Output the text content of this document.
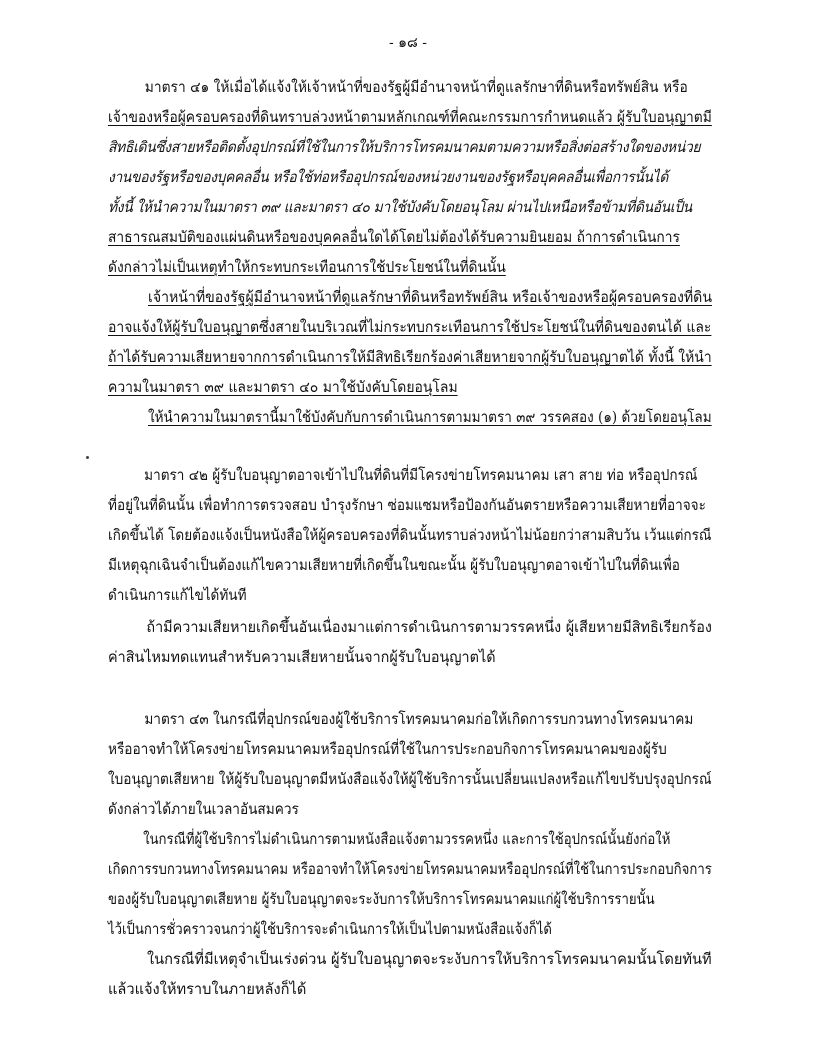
- ๑๘ -
มาตรา ๔๑ ให้เมื่อได้แจ้งให้เจ้าหน้าที่ของรัฐผู้มีอำนาจหน้าที่ดูแลรักษาที่ดินหรือทรัพย์สิน หรือ
เจ้าของหรือผู้ครอบครองที่ดินทราบล่วงหน้าตามหลักเกณฑ์ที่คณะกรรมการกำหนดแล้ว ผู้รับใบอนุญาตมี
สิทธิเดินซึ่งสายหรือติดตั้งอุปกรณ์ที่ใช้ในการให้บริการโทรคมนาคมตามความหรือสิ่งต่อสร้างใดของหน่วย
งานของรัฐหรือของบุคคลอื่น หรือใช้ท่อหรืออุปกรณ์ของหน่วยงานของรัฐหรือบุคคลอื่นเพื่อการนั้นได้
ทั้งนี้ ให้นำความในมาตรา ๓๙ และมาตรา ๔๐ มาใช้บังคับโดยอนุโลม ผ่านไปเหนือหรือข้ามที่ดินอันเป็น
สาธารณสมบัติของแผ่นดินหรือของบุคคลอื่นใดได้โดยไม่ต้องได้รับความยินยอม ถ้าการดำเนินการ
ดังกล่าวไม่เป็นเหตุทำให้กระทบกระเทือนการใช้ประโยชน์ในที่ดินนั้น
เจ้าหน้าที่ของรัฐผู้มีอำนาจหน้าที่ดูแลรักษาที่ดินหรือทรัพย์สิน หรือเจ้าของหรือผู้ครอบครองที่ดิน
อาจแจ้งให้ผู้รับใบอนุญาตซึ่งสายในบริเวณที่ไม่กระทบกระเทือนการใช้ประโยชน์ในที่ดินของตนได้ และ
ถ้าได้รับความเสียหายจากการดำเนินการให้มีสิทธิเรียกร้องค่าเสียหายจากผู้รับใบอนุญาตได้ ทั้งนี้ ให้นำ
ความในมาตรา ๓๙ และมาตรา ๔๐ มาใช้บังคับโดยอนุโลม
ให้นำความในมาตรานี้มาใช้บังคับกับการดำเนินการตามมาตรา ๓๙ วรรคสอง (๑) ด้วยโดยอนุโลม
มาตรา ๔๒ ผู้รับใบอนุญาตอาจเข้าไปในที่ดินที่มีโครงข่ายโทรคมนาคม เสา สาย ท่อ หรืออุปกรณ์
ที่อยู่ในที่ดินนั้น เพื่อทำการตรวจสอบ บำรุงรักษา ซ่อมแซมหรือป้องกันอันตรายหรือความเสียหายที่อาจจะ
เกิดขึ้นได้ โดยต้องแจ้งเป็นหนังสือให้ผู้ครอบครองที่ดินนั้นทราบล่วงหน้าไม่น้อยกว่าสามสิบวัน เว้นแต่กรณี
มีเหตุฉุกเฉินจำเป็นต้องแก้ไขความเสียหายที่เกิดขึ้นในขณะนั้น ผู้รับใบอนุญาตอาจเข้าไปในที่ดินเพื่อ
ดำเนินการแก้ไขได้ทันที
ถ้ามีความเสียหายเกิดขึ้นอันเนื่องมาแต่การดำเนินการตามวรรคหนึ่ง ผู้เสียหายมีสิทธิเรียกร้อง
ค่าสินไหมทดแทนสำหรับความเสียหายนั้นจากผู้รับใบอนุญาตได้
มาตรา ๔๓ ในกรณีที่อุปกรณ์ของผู้ใช้บริการโทรคมนาคมก่อให้เกิดการรบกวนทางโทรคมนาคม
หรืออาจทำให้โครงข่ายโทรคมนาคมหรืออุปกรณ์ที่ใช้ในการประกอบกิจการโทรคมนาคมของผู้รับ
ใบอนุญาตเสียหาย ให้ผู้รับใบอนุญาตมีหนังสือแจ้งให้ผู้ใช้บริการนั้นเปลี่ยนแปลงหรือแก้ไขปรับปรุงอุปกรณ์
ดังกล่าวได้ภายในเวลาอันสมควร
ในกรณีที่ผู้ใช้บริการไม่ดำเนินการตามหนังสือแจ้งตามวรรคหนึ่ง และการใช้อุปกรณ์นั้นยังก่อให้
เกิดการรบกวนทางโทรคมนาคม หรืออาจทำให้โครงข่ายโทรคมนาคมหรืออุปกรณ์ที่ใช้ในการประกอบกิจการ
ของผู้รับใบอนุญาตเสียหาย ผู้รับใบอนุญาตจะระงับการให้บริการโทรคมนาคมแก่ผู้ใช้บริการรายนั้น
ไว้เป็นการชั่วคราวจนกว่าผู้ใช้บริการจะดำเนินการให้เป็นไปตามหนังสือแจ้งก็ได้
ในกรณีที่มีเหตุจำเป็นเร่งด่วน ผู้รับใบอนุญาตจะระงับการให้บริการโทรคมนาคมนั้นโดยทันที
แล้วแจ้งให้ทราบในภายหลังก็ได้
